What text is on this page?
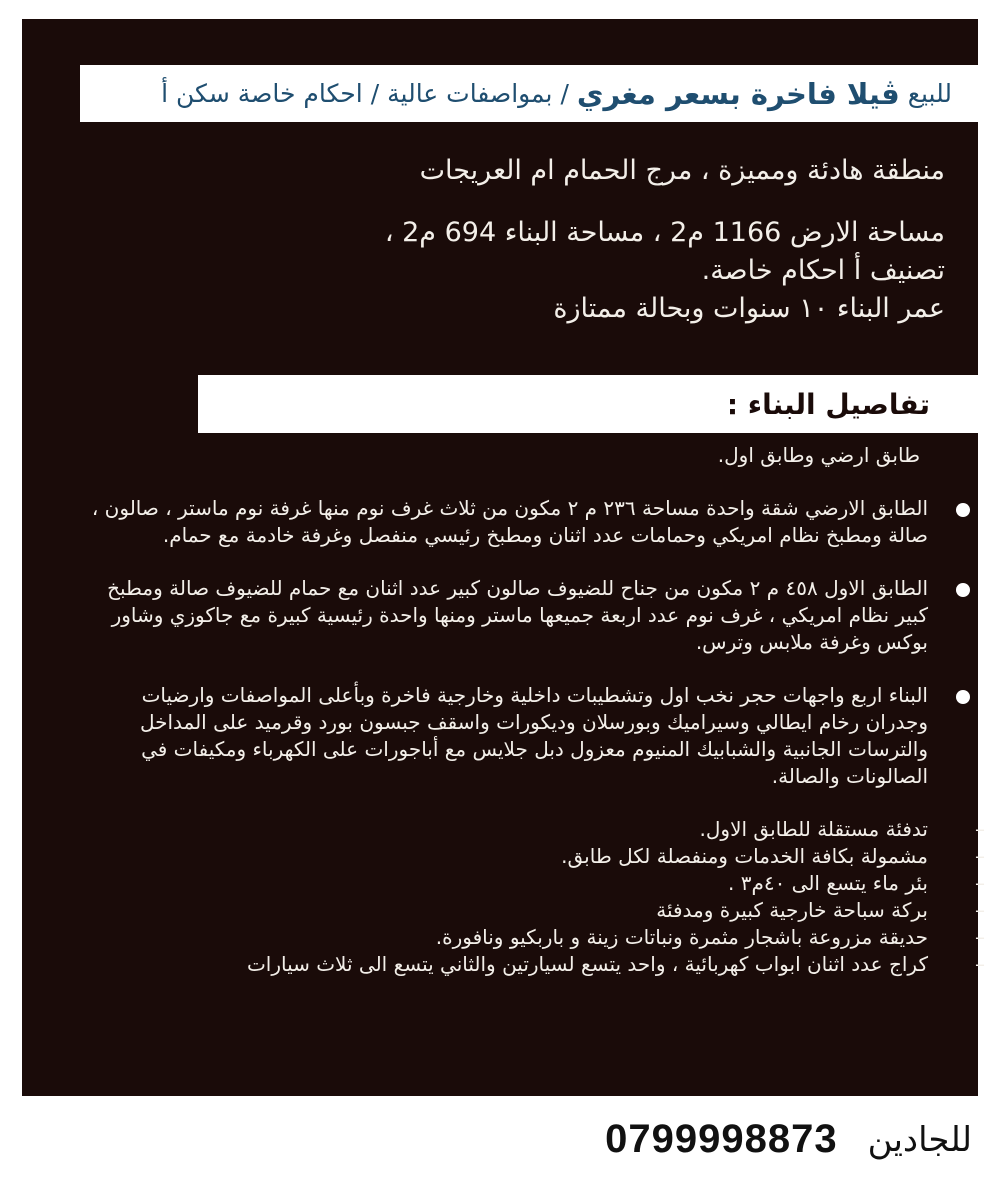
للبيع

ڤيلا فاخرة بسعر مغري
/
بمواصفات عالية
/
احكام خاصة سكن أ

منطقة هادئة ومميزة ، مرج الحمام ام العريجات

مساحة الارض 1166 م2 ، مساحة البناء 694 م2 ،

تصنيف أ احكام خاصة.

عمر البناء ١٠ سنوات وبحالة ممتازة

تفاصيل البناء :

طابق ارضي وطابق اول.

الطابق الارضي شقة واحدة مساحة ٢٣٦ م ٢ مكون من ثلاث غرف نوم منها غرفة نوم ماستر ، صالون ، صالة ومطبخ نظام امريكي وحمامات عدد اثنان ومطبخ رئيسي منفصل وغرفة خادمة مع حمام.

الطابق الاول ٤٥٨ م ٢ مكون من جناح للضيوف صالون كبير عدد اثنان مع حمام للضيوف صالة ومطبخ كبير نظام امريكي ، غرف نوم عدد اربعة جميعها ماستر ومنها واحدة رئيسية كبيرة مع جاكوزي وشاور بوكس وغرفة ملابس وترس.

البناء اربع واجهات حجر نخب اول وتشطيبات داخلية وخارجية فاخرة وبأعلى المواصفات وارضيات وجدران رخام ايطالي وسيراميك وبورسلان وديكورات واسقف جبسون بورد وقرميد على المداخل والترسات الجانبية والشبابيك المنيوم معزول دبل جلايس مع أباجورات على الكهرباء ومكيفات في الصالونات والصالة.

–
تدفئة مستقلة للطابق الاول.
–
مشمولة بكافة الخدمات ومنفصلة لكل طابق.
–
بئر ماء يتسع الى ٤٠م٣ .
–
بركة سباحة خارجية كبيرة ومدفئة
–
حديقة مزروعة باشجار مثمرة ونباتات زينة و باربكيو ونافورة.
–
كراج عدد اثنان ابواب كهربائية ، واحد يتسع لسيارتين والثاني يتسع الى ثلاث سيارات
للجادين
0799998873
